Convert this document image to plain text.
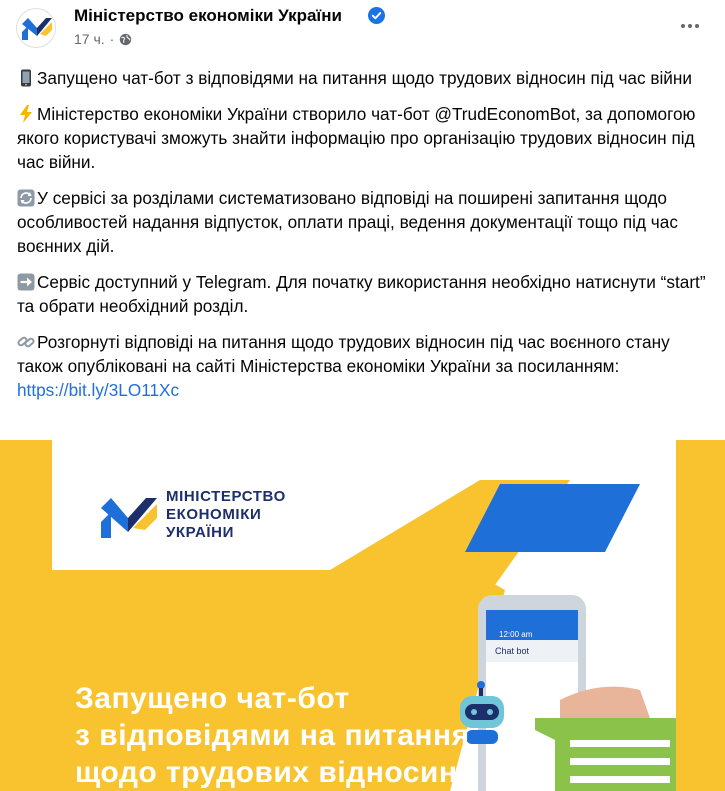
Міністерство економіки України
17 ч. ·

Запущено чат-бот з відповідями на питання щодо трудових відносин під час війни

Міністерство економіки України створило чат-бот @TrudEconomBot, за допомогою якого користувачі зможуть знайти інформацію про організацію трудових відносин під час війни.

У сервісі за розділами систематизовано відповіді на поширені запитання щодо особливостей надання відпусток, оплати праці, ведення документації тощо під час воєнних дій.

Сервіс доступний у Telegram. Для початку використання необхідно натиснути “start” та обрати необхідний розділ.

Розгорнуті відповіді на питання щодо трудових відносин під час воєнного стану також опубліковані на сайті Міністерства економіки України за посиланням: https://bit.ly/3LO11Xc

МІНІСТЕРСТВО
ЕКОНОМІКИ
УКРАЇНИ
12:00 am
Chat bot
Запущено чат-бот
з відповідями на питання
щодо трудових відносин
